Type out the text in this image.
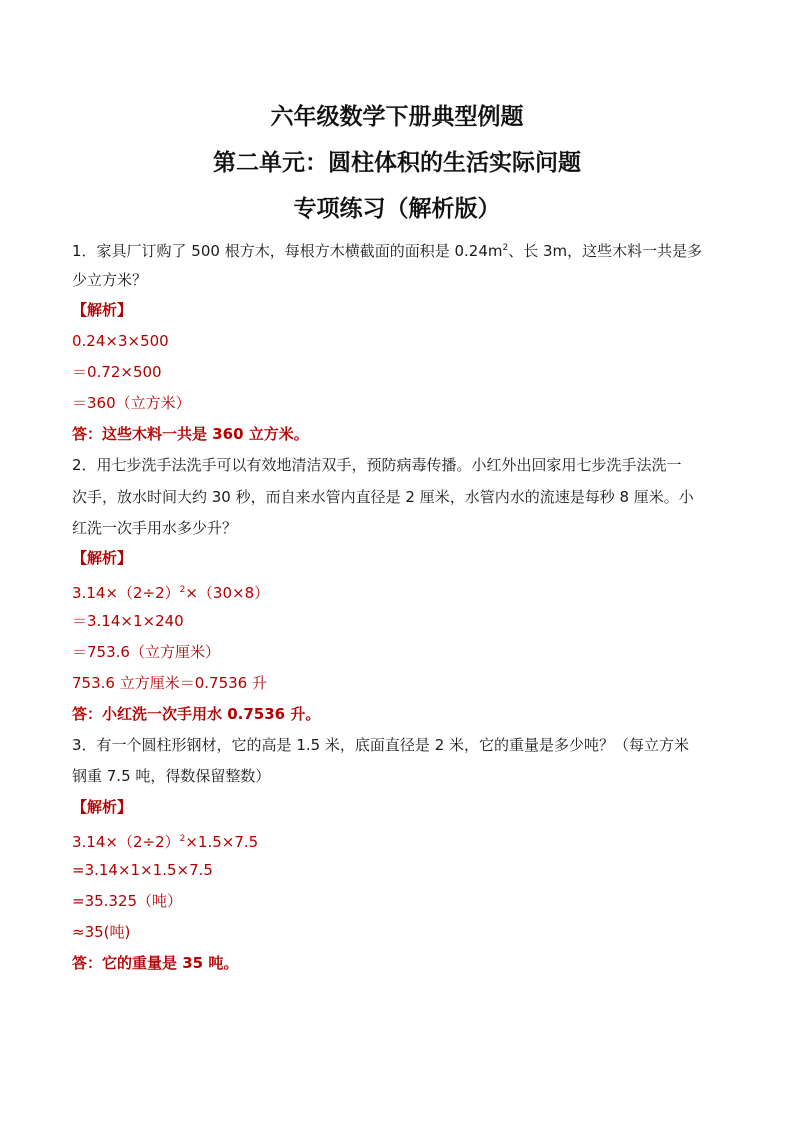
六年级数学下册典型例题
第二单元：圆柱体积的生活实际问题
专项练习（解析版）
1．家具厂订购了 500 根方木，每根方木横截面的面积是 $0.24m^2$、长 3m，这些木料一共是多
少立方米？
【解析】
0.24×3×500
＝0.72×500
＝360（立方米）
答：这些木料一共是 360 立方米。
2．用七步洗手法洗手可以有效地清洁双手，预防病毒传播。小红外出回家用七步洗手法洗一
次手，放水时间大约 30 秒，而自来水管内直径是 2 厘米，水管内水的流速是每秒 8 厘米。小
红洗一次手用水多少升？
【解析】
$3.14\times(2\div 2)^2\times(30\times 8)$
＝3.14×1×240
＝753.6（立方厘米）
753.6 立方厘米＝0.7536 升
答：小红洗一次手用水 0.7536 升。
3．有一个圆柱形钢材，它的高是 1.5 米，底面直径是 2 米，它的重量是多少吨？（每立方米
钢重 7.5 吨，得数保留整数）
【解析】
$3.14\times(2\div 2)^2\times 1.5\times 7.5$
=3.14×1×1.5×7.5
=35.325（吨）
≈35(吨)
答：它的重量是 35 吨。
